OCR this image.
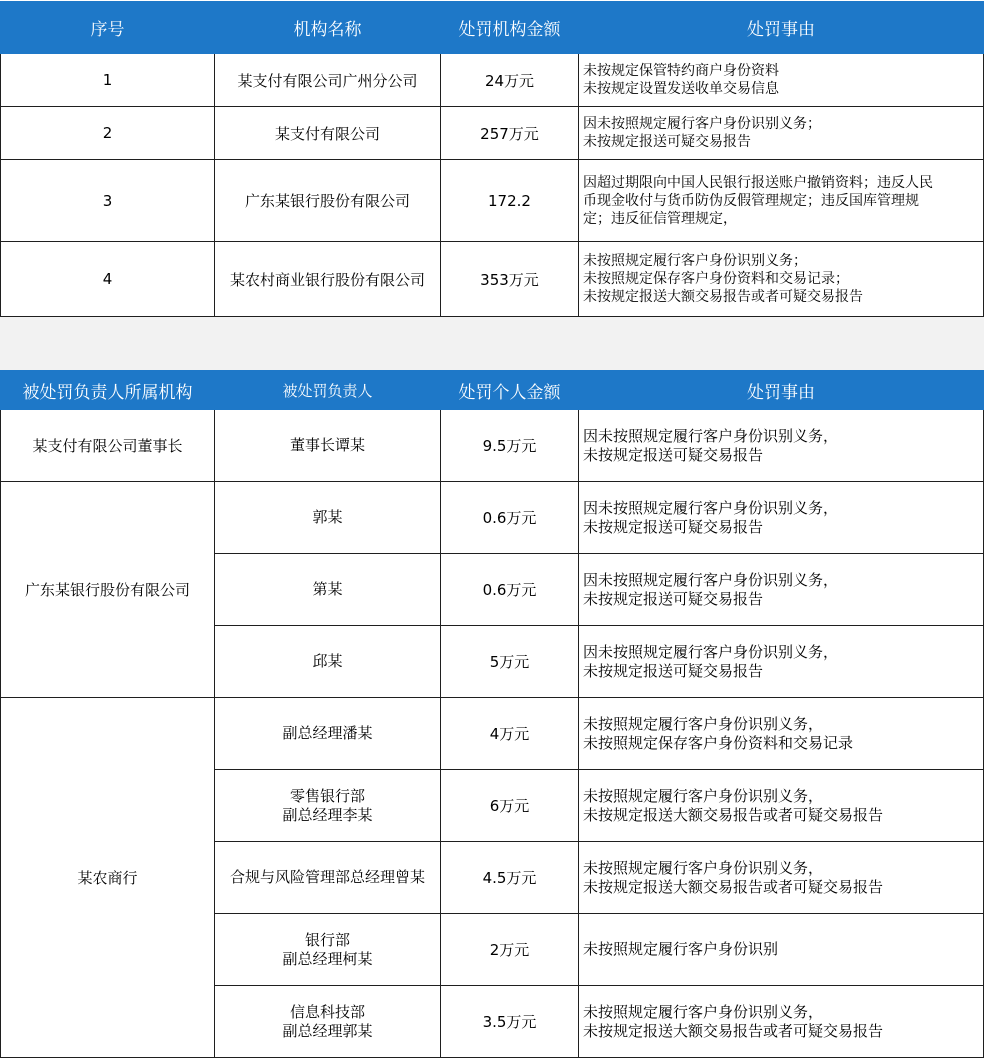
序号	机构名称	处罚机构金额	处罚事由
1	某支付有限公司广州分公司	24万元	未按规定保管特约商户身份资料
未按规定设置发送收单交易信息

2	某支付有限公司	257万元	因未按照规定履行客户身份识别义务；
未按规定报送可疑交易报告

3	广东某银行股份有限公司	172.2	因超过期限向中国人民银行报送账户撤销资料；违反人民
币现金收付与货币防伪反假管理规定；违反国库管理规
定；违反征信管理规定，

4	某农村商业银行股份有限公司	353万元	未按照规定履行客户身份识别义务；
未按照规定保存客户身份资料和交易记录；
未按规定报送大额交易报告或者可疑交易报告
被处罚负责人所属机构	被处罚负责人	处罚个人金额	处罚事由
某支付有限公司董事长	董事长谭某	9.5万元	因未按照规定履行客户身份识别义务，
未按规定报送可疑交易报告

广东某银行股份有限公司	郭某	0.6万元	因未按照规定履行客户身份识别义务，
未按规定报送可疑交易报告

	第某	0.6万元	因未按照规定履行客户身份识别义务，
未按规定报送可疑交易报告

	邱某	5万元	因未按照规定履行客户身份识别义务，
未按规定报送可疑交易报告

某农商行	副总经理潘某	4万元	未按照规定履行客户身份识别义务，
未按照规定保存客户身份资料和交易记录

	零售银行部
副总经理李某	6万元	未按照规定履行客户身份识别义务，
未按规定报送大额交易报告或者可疑交易报告

	合规与风险管理部总经理曾某	4.5万元	未按照规定履行客户身份识别义务，
未按规定报送大额交易报告或者可疑交易报告

	银行部
副总经理柯某	2万元	未按照规定履行客户身份识别

	信息科技部
副总经理郭某	3.5万元	未按照规定履行客户身份识别义务，
未按规定报送大额交易报告或者可疑交易报告
